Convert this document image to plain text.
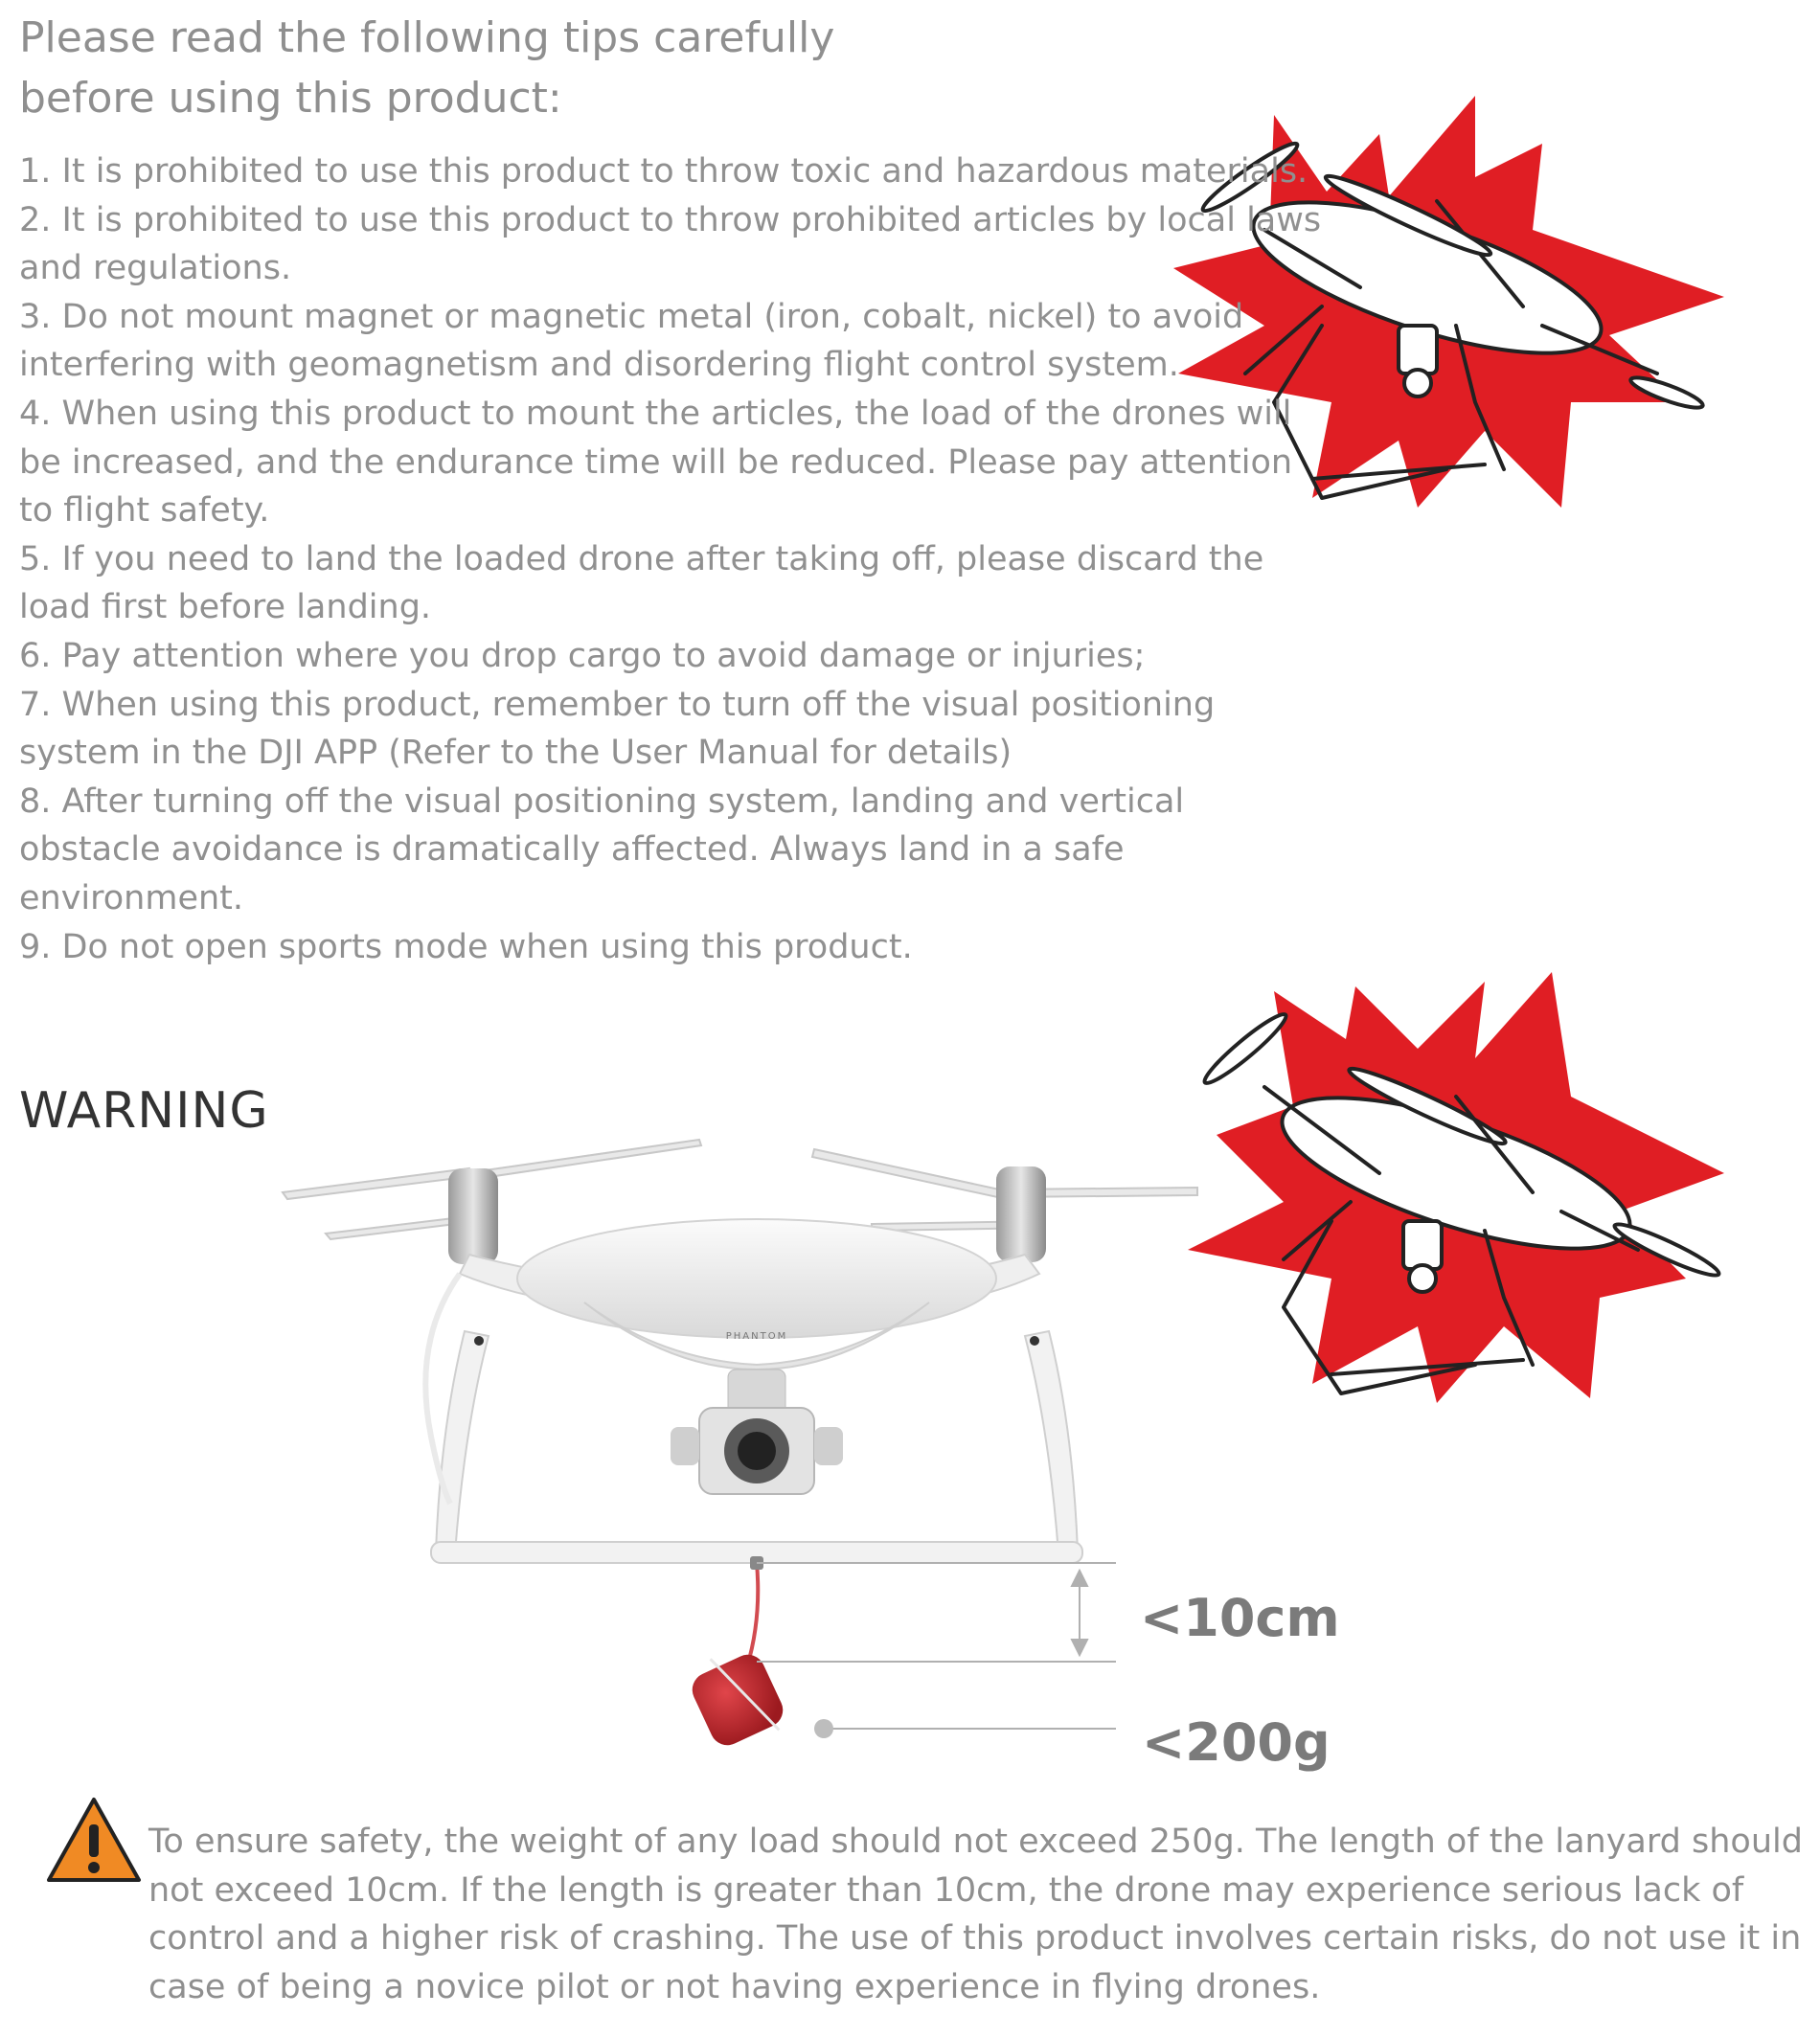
Please read the following tips carefully
before using this product:
1. It is prohibited to use this product to throw toxic and hazardous materials.
2. It is prohibited to use this product to throw prohibited articles by local laws and regulations.
3. Do not mount magnet or magnetic metal (iron, cobalt, nickel) to avoid interfering with geomagnetism and disordering flight control system.
4. When using this product to mount the articles, the load of the drones will be increased, and the endurance time will be reduced. Please pay attention to flight safety.
5. If you need to land the loaded drone after taking off, please discard the load first before landing.
6. Pay attention where you drop cargo to avoid damage or injuries;
7. When using this product, remember to turn off the visual positioning system in the DJI APP (Refer to the User Manual for details)
8. After turning off the visual positioning system, landing and vertical obstacle avoidance is dramatically affected. Always land in a safe environment.
9. Do not open sports mode when using this product.
WARNING
PHANTOM
<10cm
<200g

To ensure safety, the weight of any load should not exceed 250g. The length of the lanyard should not exceed 10cm. If the length is greater than 10cm, the drone may experience serious lack of control and a higher risk of crashing. The use of this product involves certain risks, do not use it in case of being a novice pilot or not having experience in flying drones.
